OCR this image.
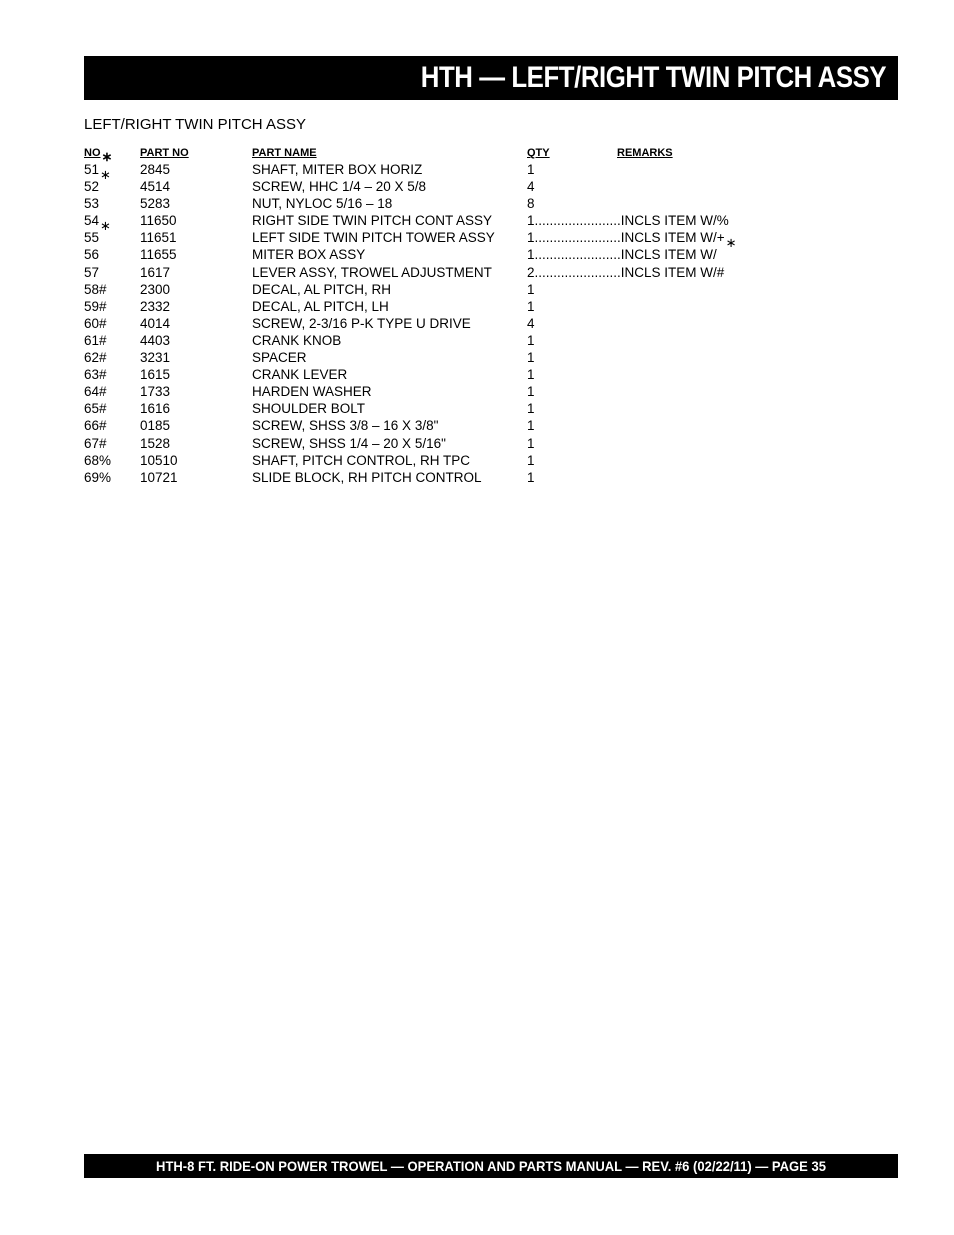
HTH — LEFT/RIGHT TWIN PITCH ASSY
LEFT/RIGHT TWIN PITCH ASSY
NO∗	PART NO	PART NAME	QTY	REMARKS
51∗ 2845	SHAFT, MITER BOX HORIZ	1
52	4514	SCREW, HHC 1/4 – 20 X 5/8	4
53	5283	NUT, NYLOC 5/16 – 18	8
54∗ 11650	RIGHT SIDE TWIN PITCH CONT ASSY	1.......................INCLS ITEM W/%
55	11651	LEFT SIDE TWIN PITCH TOWER ASSY 1.......................INCLS ITEM W/+∗
56	11655	MITER BOX ASSY	1.......................INCLS ITEM W/
57	1617	LEVER ASSY, TROWEL ADJUSTMENT	2.......................INCLS ITEM W/#
58# 2300	DECAL, AL PITCH, RH	1
59# 2332	DECAL, AL PITCH, LH	1
60# 4014	SCREW, 2-3/16 P-K TYPE U DRIVE	4
61# 4403	CRANK KNOB	1
62# 3231	SPACER	1
63# 1615	CRANK LEVER	1
64# 1733	HARDEN WASHER	1
65# 1616	SHOULDER BOLT	1
66# 0185	SCREW, SHSS 3/8 – 16 X 3/8"	1
67# 1528	SCREW, SHSS 1/4 – 20 X 5/16"	1
68% 10510	SHAFT, PITCH CONTROL, RH TPC	1
69% 10721	SLIDE BLOCK, RH PITCH CONTROL	1
HTH-8 FT. RIDE-ON POWER TROWEL — OPERATION AND PARTS MANUAL — REV. #6 (02/22/11) — PAGE 35
